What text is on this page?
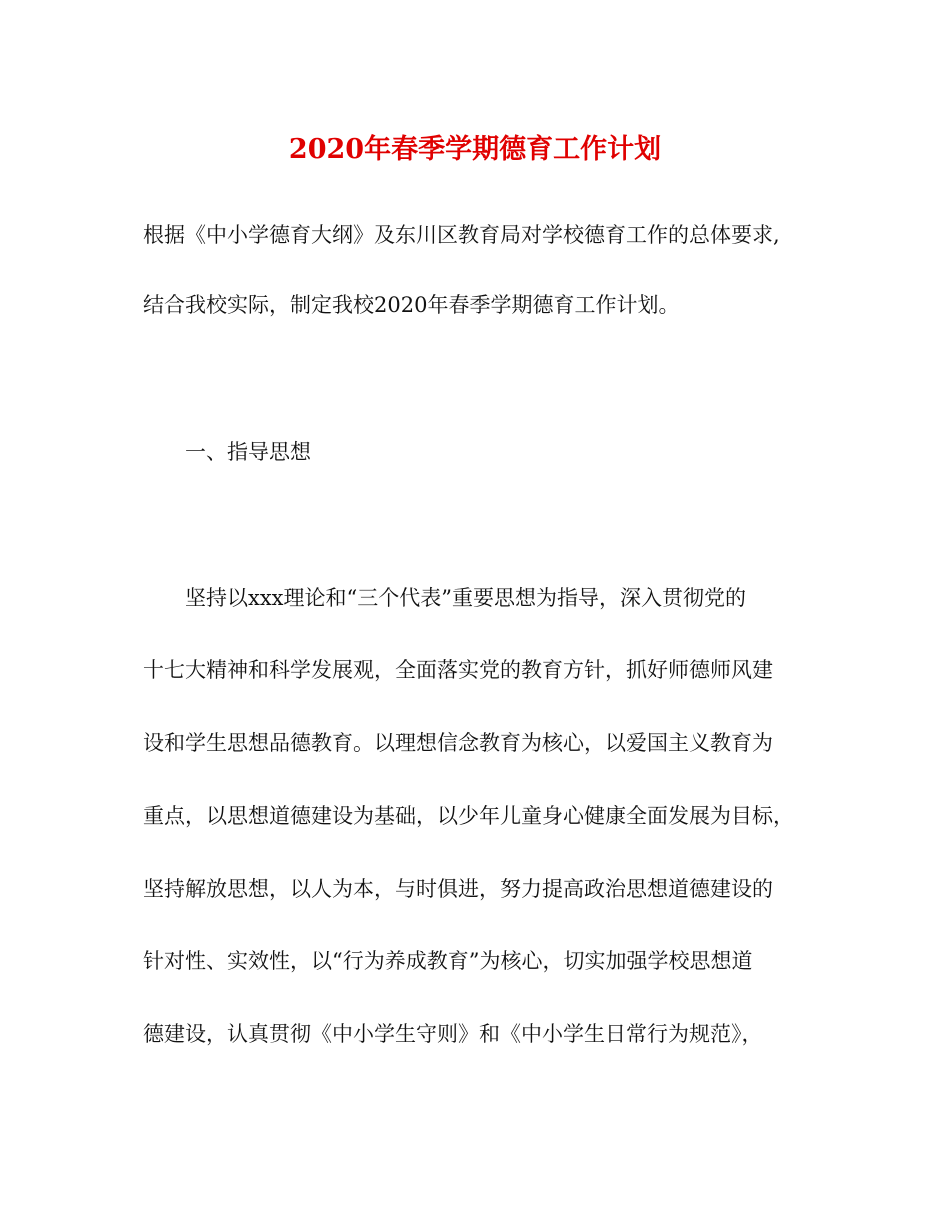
2020年春季学期德育工作计划

根据《中小学德育大纲》及东川区教育局对学校德育工作的总体要求,

结合我校实际，制定我校2020年春季学期德育工作计划。

一、指导思想

坚持以xxx理论和“三个代表”重要思想为指导，深入贯彻党的

十七大精神和科学发展观，全面落实党的教育方针，抓好师德师风建

设和学生思想品德教育。以理想信念教育为核心，以爱国主义教育为

重点，以思想道德建设为基础，以少年儿童身心健康全面发展为目标，

坚持解放思想，以人为本，与时俱进，努力提高政治思想道德建设的

针对性、实效性，以“行为养成教育”为核心，切实加强学校思想道

德建设，认真贯彻《中小学生守则》和《中小学生日常行为规范》，
